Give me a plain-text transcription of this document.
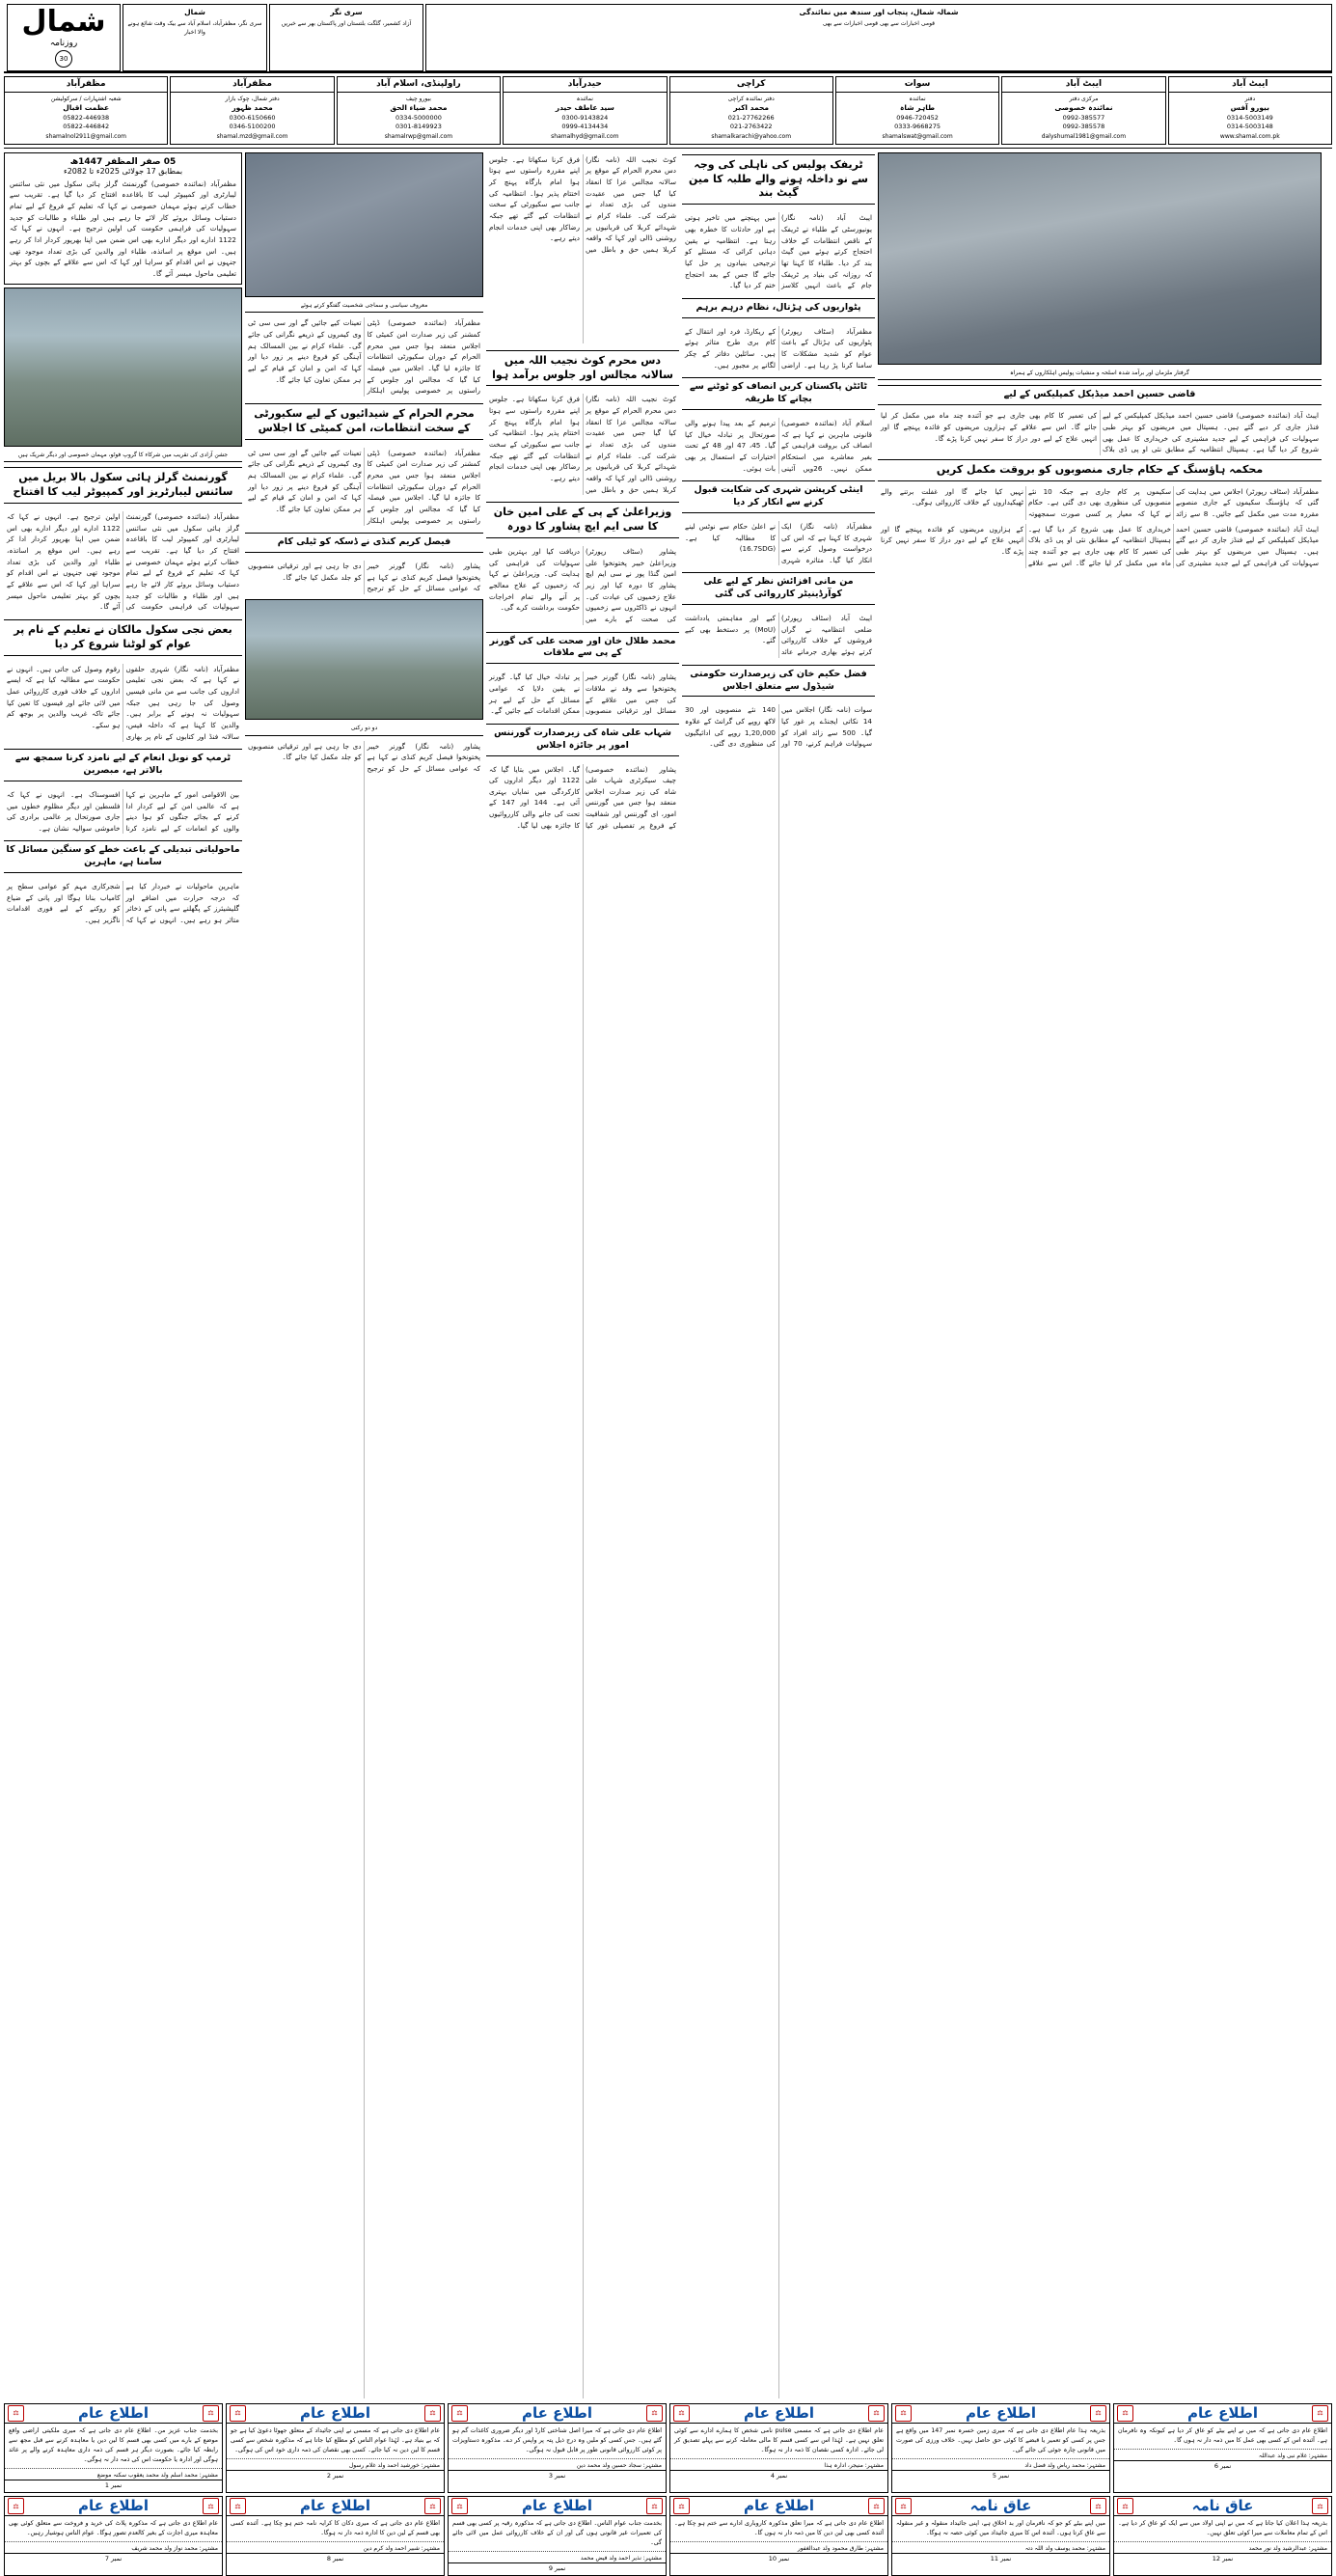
شمال
روزنامہ
30
شمال
سری نگر، مظفرآباد، اسلام آباد سے بیک وقت شائع ہونے والا اخبار
سری نگر
آزاد کشمیر، گلگت بلتستان اور پاکستان بھر سے خبریں
شمالہ شمال، پنجاب اور سندھ میں نمائندگی
قومی اخبارات سے بھی قومی اخبارات سے بھی
مظفرآباد
شعبہ اشتہارات / سرکولیشن
عظمت اقبال
05822-446938
05822-446842
shamalnol2911@gmail.com
مظفرآباد
دفتر شمال، چوک بازار
محمد ظہور
0300-6150660
0346-5100200
shamal.mzd@gmail.com
راولپنڈی، اسلام آباد
بیورو چیف
محمد ضیاء الحق
0334-5000000
0301-8149923
shamalrwp@gmail.com
حیدرآباد
نمائندہ
سید عاطف حیدر
0300-9143824
0999-4134434
shamalhyd@gmail.com
کراچی
دفتر نمائندہ کراچی
محمد اکبر
021-27762266
021-2763422
shamalkarachi@yahoo.com
سوات
نمائندہ
طاہر شاہ
0946-720452
0333-9668275
shamalswat@gmail.com
ایبٹ آباد
مرکزی دفتر
نمائندہ خصوصی
0992-385577
0992-385578
dalyshumal1981@gmail.com
ایبٹ آباد
دفتر
بیورو آفس
0314-5003149
0314-5003148
www.shamal.com.pk
05 صفر المظفر 1447ھ
بمطابق 17 جولائی 2025ء تا 2082ء
مظفرآباد (نمائندہ خصوصی) گورنمنٹ گرلز ہائی سکول میں نئی سائنس لیبارٹری اور کمپیوٹر لیب کا باقاعدہ افتتاح کر دیا گیا ہے۔ تقریب سے خطاب کرتے ہوئے مہمان خصوصی نے کہا کہ تعلیم کے فروغ کے لیے تمام دستیاب وسائل بروئے کار لائے جا رہے ہیں اور طلباء و طالبات کو جدید سہولیات کی فراہمی حکومت کی اولین ترجیح ہے۔ انہوں نے کہا کہ 1122 ادارے اور دیگر ادارے بھی اس ضمن میں اپنا بھرپور کردار ادا کر رہے ہیں۔ اس موقع پر اساتذہ، طلباء اور والدین کی بڑی تعداد موجود تھی جنہوں نے اس اقدام کو سراہا اور کہا کہ اس سے علاقے کے بچوں کو بہتر تعلیمی ماحول میسر آئے گا۔
جشن آزادی کی تقریب میں شرکاء کا گروپ فوٹو، مہمان خصوصی اور دیگر شریک ہیں
گورنمنٹ گرلز ہائی سکول بالا بریل میں سائنس لیبارٹریز اور کمپیوٹر لیب کا افتتاح
مظفرآباد (نمائندہ خصوصی) گورنمنٹ گرلز ہائی سکول میں نئی سائنس لیبارٹری اور کمپیوٹر لیب کا باقاعدہ افتتاح کر دیا گیا ہے۔ تقریب سے خطاب کرتے ہوئے مہمان خصوصی نے کہا کہ تعلیم کے فروغ کے لیے تمام دستیاب وسائل بروئے کار لائے جا رہے ہیں اور طلباء و طالبات کو جدید سہولیات کی فراہمی حکومت کی اولین ترجیح ہے۔ انہوں نے کہا کہ 1122 ادارے اور دیگر ادارے بھی اس ضمن میں اپنا بھرپور کردار ادا کر رہے ہیں۔ اس موقع پر اساتذہ، طلباء اور والدین کی بڑی تعداد موجود تھی جنہوں نے اس اقدام کو سراہا اور کہا کہ اس سے علاقے کے بچوں کو بہتر تعلیمی ماحول میسر آئے گا۔
بعض نجی سکول مالکان نے تعلیم کے نام پر عوام کو لوٹنا شروع کر دیا
مظفرآباد (نامہ نگار) شہری حلقوں نے کہا ہے کہ بعض نجی تعلیمی اداروں کی جانب سے من مانی فیسیں وصول کی جا رہی ہیں جبکہ سہولیات نہ ہونے کے برابر ہیں۔ والدین کا کہنا ہے کہ داخلہ فیس، سالانہ فنڈ اور کتابوں کے نام پر بھاری رقوم وصول کی جاتی ہیں۔ انہوں نے حکومت سے مطالبہ کیا ہے کہ ایسے اداروں کے خلاف فوری کارروائی عمل میں لائی جائے اور فیسوں کا تعین کیا جائے تاکہ غریب والدین پر بوجھ کم ہو سکے۔
ٹرمپ کو نوبل انعام کے لیے نامزد کرنا سمجھ سے بالاتر ہے، مبصرین
بین الاقوامی امور کے ماہرین نے کہا ہے کہ عالمی امن کے لیے کردار ادا کرنے کے بجائے جنگوں کو ہوا دینے والوں کو انعامات کے لیے نامزد کرنا افسوسناک ہے۔ انہوں نے کہا کہ فلسطین اور دیگر مظلوم خطوں میں جاری صورتحال پر عالمی برادری کی خاموشی سوالیہ نشان ہے۔
ماحولیاتی تبدیلی کے باعث خطے کو سنگین مسائل کا سامنا ہے، ماہرین
ماہرین ماحولیات نے خبردار کیا ہے کہ درجہ حرارت میں اضافے اور گلیشیئرز کے پگھلنے سے پانی کے ذخائر متاثر ہو رہے ہیں۔ انہوں نے کہا کہ شجرکاری مہم کو عوامی سطح پر کامیاب بنانا ہوگا اور پانی کے ضیاع کو روکنے کے لیے فوری اقدامات ناگزیر ہیں۔
معروف سیاسی و سماجی شخصیت گفتگو کرتے ہوئے
مظفرآباد (نمائندہ خصوصی) ڈپٹی کمشنر کی زیر صدارت امن کمیٹی کا اجلاس منعقد ہوا جس میں محرم الحرام کے دوران سکیورٹی انتظامات کا جائزہ لیا گیا۔ اجلاس میں فیصلہ کیا گیا کہ مجالس اور جلوس کے راستوں پر خصوصی پولیس اہلکار تعینات کیے جائیں گے اور سی سی ٹی وی کیمروں کے ذریعے نگرانی کی جائے گی۔ علماء کرام نے بین المسالک ہم آہنگی کو فروغ دینے پر زور دیا اور کہا کہ امن و امان کے قیام کے لیے ہر ممکن تعاون کیا جائے گا۔
محرم الحرام کے شیدائیوں کے لیے سکیورٹی کے سخت انتظامات، امن کمیٹی کا اجلاس
مظفرآباد (نمائندہ خصوصی) ڈپٹی کمشنر کی زیر صدارت امن کمیٹی کا اجلاس منعقد ہوا جس میں محرم الحرام کے دوران سکیورٹی انتظامات کا جائزہ لیا گیا۔ اجلاس میں فیصلہ کیا گیا کہ مجالس اور جلوس کے راستوں پر خصوصی پولیس اہلکار تعینات کیے جائیں گے اور سی سی ٹی وی کیمروں کے ذریعے نگرانی کی جائے گی۔ علماء کرام نے بین المسالک ہم آہنگی کو فروغ دینے پر زور دیا اور کہا کہ امن و امان کے قیام کے لیے ہر ممکن تعاون کیا جائے گا۔
فیصل کریم کنڈی نے ڈسکہ کو ٹیلی کام
پشاور (نامہ نگار) گورنر خیبر پختونخوا فیصل کریم کنڈی نے کہا ہے کہ عوامی مسائل کے حل کو ترجیح دی جا رہی ہے اور ترقیاتی منصوبوں کو جلد مکمل کیا جائے گا۔
دو دو رکنی
پشاور (نامہ نگار) گورنر خیبر پختونخوا فیصل کریم کنڈی نے کہا ہے کہ عوامی مسائل کے حل کو ترجیح دی جا رہی ہے اور ترقیاتی منصوبوں کو جلد مکمل کیا جائے گا۔
کوٹ نجیب اللہ (نامہ نگار) دس محرم الحرام کے موقع پر سالانہ مجالس عزا کا انعقاد کیا گیا جس میں عقیدت مندوں کی بڑی تعداد نے شرکت کی۔ علماء کرام نے شہدائے کربلا کی قربانیوں پر روشنی ڈالی اور کہا کہ واقعہ کربلا ہمیں حق و باطل میں فرق کرنا سکھاتا ہے۔ جلوس اپنے مقررہ راستوں سے ہوتا ہوا امام بارگاہ پہنچ کر اختتام پذیر ہوا۔ انتظامیہ کی جانب سے سکیورٹی کے سخت انتظامات کیے گئے تھے جبکہ رضاکار بھی اپنی خدمات انجام دیتے رہے۔
دس محرم کوٹ نجیب اللہ میں سالانہ مجالس اور جلوس برآمد ہوا
کوٹ نجیب اللہ (نامہ نگار) دس محرم الحرام کے موقع پر سالانہ مجالس عزا کا انعقاد کیا گیا جس میں عقیدت مندوں کی بڑی تعداد نے شرکت کی۔ علماء کرام نے شہدائے کربلا کی قربانیوں پر روشنی ڈالی اور کہا کہ واقعہ کربلا ہمیں حق و باطل میں فرق کرنا سکھاتا ہے۔ جلوس اپنے مقررہ راستوں سے ہوتا ہوا امام بارگاہ پہنچ کر اختتام پذیر ہوا۔ انتظامیہ کی جانب سے سکیورٹی کے سخت انتظامات کیے گئے تھے جبکہ رضاکار بھی اپنی خدمات انجام دیتے رہے۔
وزیراعلیٰ کے پی کے علی امین خان کا سی ایم ایچ پشاور کا دورہ
پشاور (سٹاف رپورٹر) وزیراعلیٰ خیبر پختونخوا علی امین گنڈا پور نے سی ایم ایچ پشاور کا دورہ کیا اور زیر علاج زخمیوں کی عیادت کی۔ انہوں نے ڈاکٹروں سے زخمیوں کی صحت کے بارے میں دریافت کیا اور بہترین طبی سہولیات کی فراہمی کی ہدایت کی۔ وزیراعلیٰ نے کہا کہ زخمیوں کے علاج معالجے پر آنے والے تمام اخراجات حکومت برداشت کرے گی۔
محمد طلال خان اور صحت علی کی گورنر کے پی سے ملاقات
پشاور (نامہ نگار) گورنر خیبر پختونخوا سے وفد نے ملاقات کی جس میں علاقے کے مسائل اور ترقیاتی منصوبوں پر تبادلہ خیال کیا گیا۔ گورنر نے یقین دلایا کہ عوامی مسائل کے حل کے لیے ہر ممکن اقدامات کیے جائیں گے۔
شہاب علی شاہ کی زیرصدارت گورننس امور پر جائزہ اجلاس
پشاور (نمائندہ خصوصی) چیف سیکرٹری شہاب علی شاہ کی زیر صدارت اجلاس منعقد ہوا جس میں گورننس امور، ای گورننس اور شفافیت کے فروغ پر تفصیلی غور کیا گیا۔ اجلاس میں بتایا گیا کہ 1122 اور دیگر اداروں کی کارکردگی میں نمایاں بہتری آئی ہے۔ 144 اور 147 کے تحت کی جانے والی کارروائیوں کا جائزہ بھی لیا گیا۔
ٹریفک پولیس کی ناہلی کی وجہ سے نو داخلہ ہونے والے طلبہ کا مین گیٹ بند
ایبٹ آباد (نامہ نگار) یونیورسٹی کے طلباء نے ٹریفک کے ناقص انتظامات کے خلاف احتجاج کرتے ہوئے مین گیٹ بند کر دیا۔ طلباء کا کہنا تھا کہ روزانہ کی بنیاد پر ٹریفک جام کے باعث انہیں کلاسز میں پہنچنے میں تاخیر ہوتی ہے اور حادثات کا خطرہ بھی رہتا ہے۔ انتظامیہ نے یقین دہانی کرائی کہ مسئلے کو ترجیحی بنیادوں پر حل کیا جائے گا جس کے بعد احتجاج ختم کر دیا گیا۔
پٹواریوں کی ہڑتال، نظام درہم برہم
مظفرآباد (سٹاف رپورٹر) پٹواریوں کی ہڑتال کے باعث عوام کو شدید مشکلات کا سامنا کرنا پڑ رہا ہے۔ اراضی کے ریکارڈ، فرد اور انتقال کے کام بری طرح متاثر ہوئے ہیں۔ سائلین دفاتر کے چکر لگانے پر مجبور ہیں۔
ٹائٹن پاکستان کریں انصاف کو ٹوٹنے سے بچانے کا طریقہ
اسلام آباد (نمائندہ خصوصی) قانونی ماہرین نے کہا ہے کہ انصاف کی بروقت فراہمی کے بغیر معاشرے میں استحکام ممکن نہیں۔ 26ویں آئینی ترمیم کے بعد پیدا ہونے والی صورتحال پر تبادلہ خیال کیا گیا۔ 45، 47 اور 48 کے تحت اختیارات کے استعمال پر بھی بات ہوئی۔
اینٹی کرپشن شہری کی شکایت قبول کرنے سے انکار کر دیا
مظفرآباد (نامہ نگار) ایک شہری کا کہنا ہے کہ اس کی درخواست وصول کرنے سے انکار کیا گیا۔ متاثرہ شہری نے اعلیٰ حکام سے نوٹس لینے کا مطالبہ کیا ہے۔ (16.7SDG)
من مانی افزائش نظر کے لیے علی کوآرڈینیٹر کارروائی کی گئی
ایبٹ آباد (سٹاف رپورٹر) ضلعی انتظامیہ نے گراں فروشوں کے خلاف کارروائی کرتے ہوئے بھاری جرمانے عائد کیے اور مفاہمتی یادداشت (MoU) پر دستخط بھی کیے گئے۔
فضل حکیم خان کی زیرصدارت حکومتی شیڈول سے متعلق اجلاس
سوات (نامہ نگار) اجلاس میں 14 نکاتی ایجنڈے پر غور کیا گیا۔ 500 سے زائد افراد کو سہولیات فراہم کرنے، 70 اور 140 نئے منصوبوں اور 30 لاکھ روپے کی گرانٹ کے علاوہ 1,20,000 روپے کی ادائیگیوں کی منظوری دی گئی۔
گرفتار ملزمان اور برآمد شدہ اسلحہ و منشیات پولیس اہلکاروں کے ہمراہ
قاضی حسین احمد میڈیکل کمپلیکس کے لیے
ایبٹ آباد (نمائندہ خصوصی) قاضی حسین احمد میڈیکل کمپلیکس کے لیے فنڈز جاری کر دیے گئے ہیں۔ ہسپتال میں مریضوں کو بہتر طبی سہولیات کی فراہمی کے لیے جدید مشینری کی خریداری کا عمل بھی شروع کر دیا گیا ہے۔ ہسپتال انتظامیہ کے مطابق نئی او پی ڈی بلاک کی تعمیر کا کام بھی جاری ہے جو آئندہ چند ماہ میں مکمل کر لیا جائے گا۔ اس سے علاقے کے ہزاروں مریضوں کو فائدہ پہنچے گا اور انہیں علاج کے لیے دور دراز کا سفر نہیں کرنا پڑے گا۔
محکمہ ہاؤسنگ کے حکام جاری منصوبوں کو بروقت مکمل کریں
مظفرآباد (سٹاف رپورٹر) اجلاس میں ہدایت کی گئی کہ ہاؤسنگ سکیموں کے جاری منصوبے مقررہ مدت میں مکمل کیے جائیں۔ 8 سے زائد سکیموں پر کام جاری ہے جبکہ 10 نئے منصوبوں کی منظوری بھی دی گئی ہے۔ حکام نے کہا کہ معیار پر کسی صورت سمجھوتہ نہیں کیا جائے گا اور غفلت برتنے والے ٹھیکیداروں کے خلاف کارروائی ہوگی۔
ایبٹ آباد (نمائندہ خصوصی) قاضی حسین احمد میڈیکل کمپلیکس کے لیے فنڈز جاری کر دیے گئے ہیں۔ ہسپتال میں مریضوں کو بہتر طبی سہولیات کی فراہمی کے لیے جدید مشینری کی خریداری کا عمل بھی شروع کر دیا گیا ہے۔ ہسپتال انتظامیہ کے مطابق نئی او پی ڈی بلاک کی تعمیر کا کام بھی جاری ہے جو آئندہ چند ماہ میں مکمل کر لیا جائے گا۔ اس سے علاقے کے ہزاروں مریضوں کو فائدہ پہنچے گا اور انہیں علاج کے لیے دور دراز کا سفر نہیں کرنا پڑے گا۔
⚖	اطلاع عام	⚖
بخدمت جناب عزیز من۔ اطلاع عام دی جاتی ہے کہ میری ملکیتی اراضی واقع موضع کے بارے میں کسی بھی قسم کا لین دین یا معاہدہ کرنے سے قبل مجھ سے رابطہ کیا جائے۔ بصورت دیگر ہر قسم کی ذمہ داری معاہدہ کرنے والے پر عائد ہوگی اور ادارہ یا حکومت اس کی ذمہ دار نہ ہوگی۔
مشتہر: محمد اسلم ولد محمد یعقوب سکنہ موضع
نمبر 1
⚖	اطلاع عام	⚖
عام اطلاع دی جاتی ہے کہ مسمی نے اپنی جائیداد کے متعلق جھوٹا دعویٰ کیا ہے جو کہ بے بنیاد ہے۔ لہٰذا عوام الناس کو مطلع کیا جاتا ہے کہ مذکورہ شخص سے کسی قسم کا لین دین نہ کیا جائے۔ کسی بھی نقصان کی ذمہ داری خود اس کی ہوگی۔
مشتہر: خورشید احمد ولد غلام رسول
نمبر 2
⚖	اطلاع عام	⚖
اطلاع عام دی جاتی ہے کہ میرا اصل شناختی کارڈ اور دیگر ضروری کاغذات گم ہو گئے ہیں۔ جس کسی کو ملیں وہ درج ذیل پتہ پر واپس کر دے۔ مذکورہ دستاویزات پر کوئی کارروائی قانونی طور پر قابل قبول نہ ہوگی۔
مشتہر: سجاد حسین ولد محمد دین
نمبر 3
⚖	اطلاع عام	⚖
عام اطلاع دی جاتی ہے کہ مسمی pulse نامی شخص کا ہمارے ادارے سے کوئی تعلق نہیں ہے۔ لہٰذا اس سے کسی قسم کا مالی معاملہ کرنے سے پہلے تصدیق کر لی جائے۔ ادارہ کسی نقصان کا ذمہ دار نہ ہوگا۔
مشتہر: منیجر، ادارہ ہذا
نمبر 4
⚖	اطلاع عام	⚖
بذریعہ ہذا عام اطلاع دی جاتی ہے کہ میری زمین خسرہ نمبر 147 میں واقع ہے جس پر کسی کو تعمیر یا قبضے کا کوئی حق حاصل نہیں۔ خلاف ورزی کی صورت میں قانونی چارہ جوئی کی جائے گی۔
مشتہر: محمد ریاض ولد فضل داد
نمبر 5
⚖	اطلاع عام	⚖
اطلاع عام دی جاتی ہے کہ میں نے اپنے بیٹے کو عاق کر دیا ہے کیونکہ وہ نافرمان ہے۔ آئندہ اس کے کسی بھی عمل کا میں ذمہ دار نہ ہوں گا۔
مشتہر: غلام نبی ولد عبداللہ
نمبر 6
⚖	اطلاع عام	⚖
عام اطلاع دی جاتی ہے کہ مذکورہ پلاٹ کی خرید و فروخت سے متعلق کوئی بھی معاہدہ میری اجازت کے بغیر کالعدم تصور ہوگا۔ عوام الناس ہوشیار رہیں۔
مشتہر: محمد نواز ولد محمد شریف
نمبر 7
⚖	اطلاع عام	⚖
اطلاع عام دی جاتی ہے کہ میری دکان کا کرایہ نامہ ختم ہو چکا ہے۔ آئندہ کسی بھی قسم کے لین دین کا ادارہ ذمہ دار نہ ہوگا۔
مشتہر: شبیر احمد ولد کرم دین
نمبر 8
⚖	اطلاع عام	⚖
بخدمت جناب عوام الناس۔ اطلاع دی جاتی ہے کہ مذکورہ رقبہ پر کسی بھی قسم کی تعمیرات غیر قانونی ہوں گی اور ان کے خلاف کارروائی عمل میں لائی جائے گی۔
مشتہر: نذیر احمد ولد فیض محمد
نمبر 9
⚖	اطلاع عام	⚖
اطلاع عام دی جاتی ہے کہ میرا تعلق مذکورہ کاروباری ادارے سے ختم ہو چکا ہے۔ آئندہ کسی بھی لین دین کا میں ذمہ دار نہ ہوں گا۔
مشتہر: طارق محمود ولد عبدالغفور
نمبر 10
⚖	عاق نامہ	⚖
میں اپنے بیٹے کو جو کہ نافرمان اور بد اخلاق ہے، اپنی جائیداد منقولہ و غیر منقولہ سے عاق کرتا ہوں۔ آئندہ اس کا میری جائیداد میں کوئی حصہ نہ ہوگا۔
مشتہر: محمد یوسف ولد اللہ دتہ
نمبر 11
⚖	عاق نامہ	⚖
بذریعہ ہذا اعلان کیا جاتا ہے کہ میں نے اپنی اولاد میں سے ایک کو عاق کر دیا ہے۔ اس کے تمام معاملات سے میرا کوئی تعلق نہیں۔
مشتہر: عبدالرشید ولد نور محمد
نمبر 12
